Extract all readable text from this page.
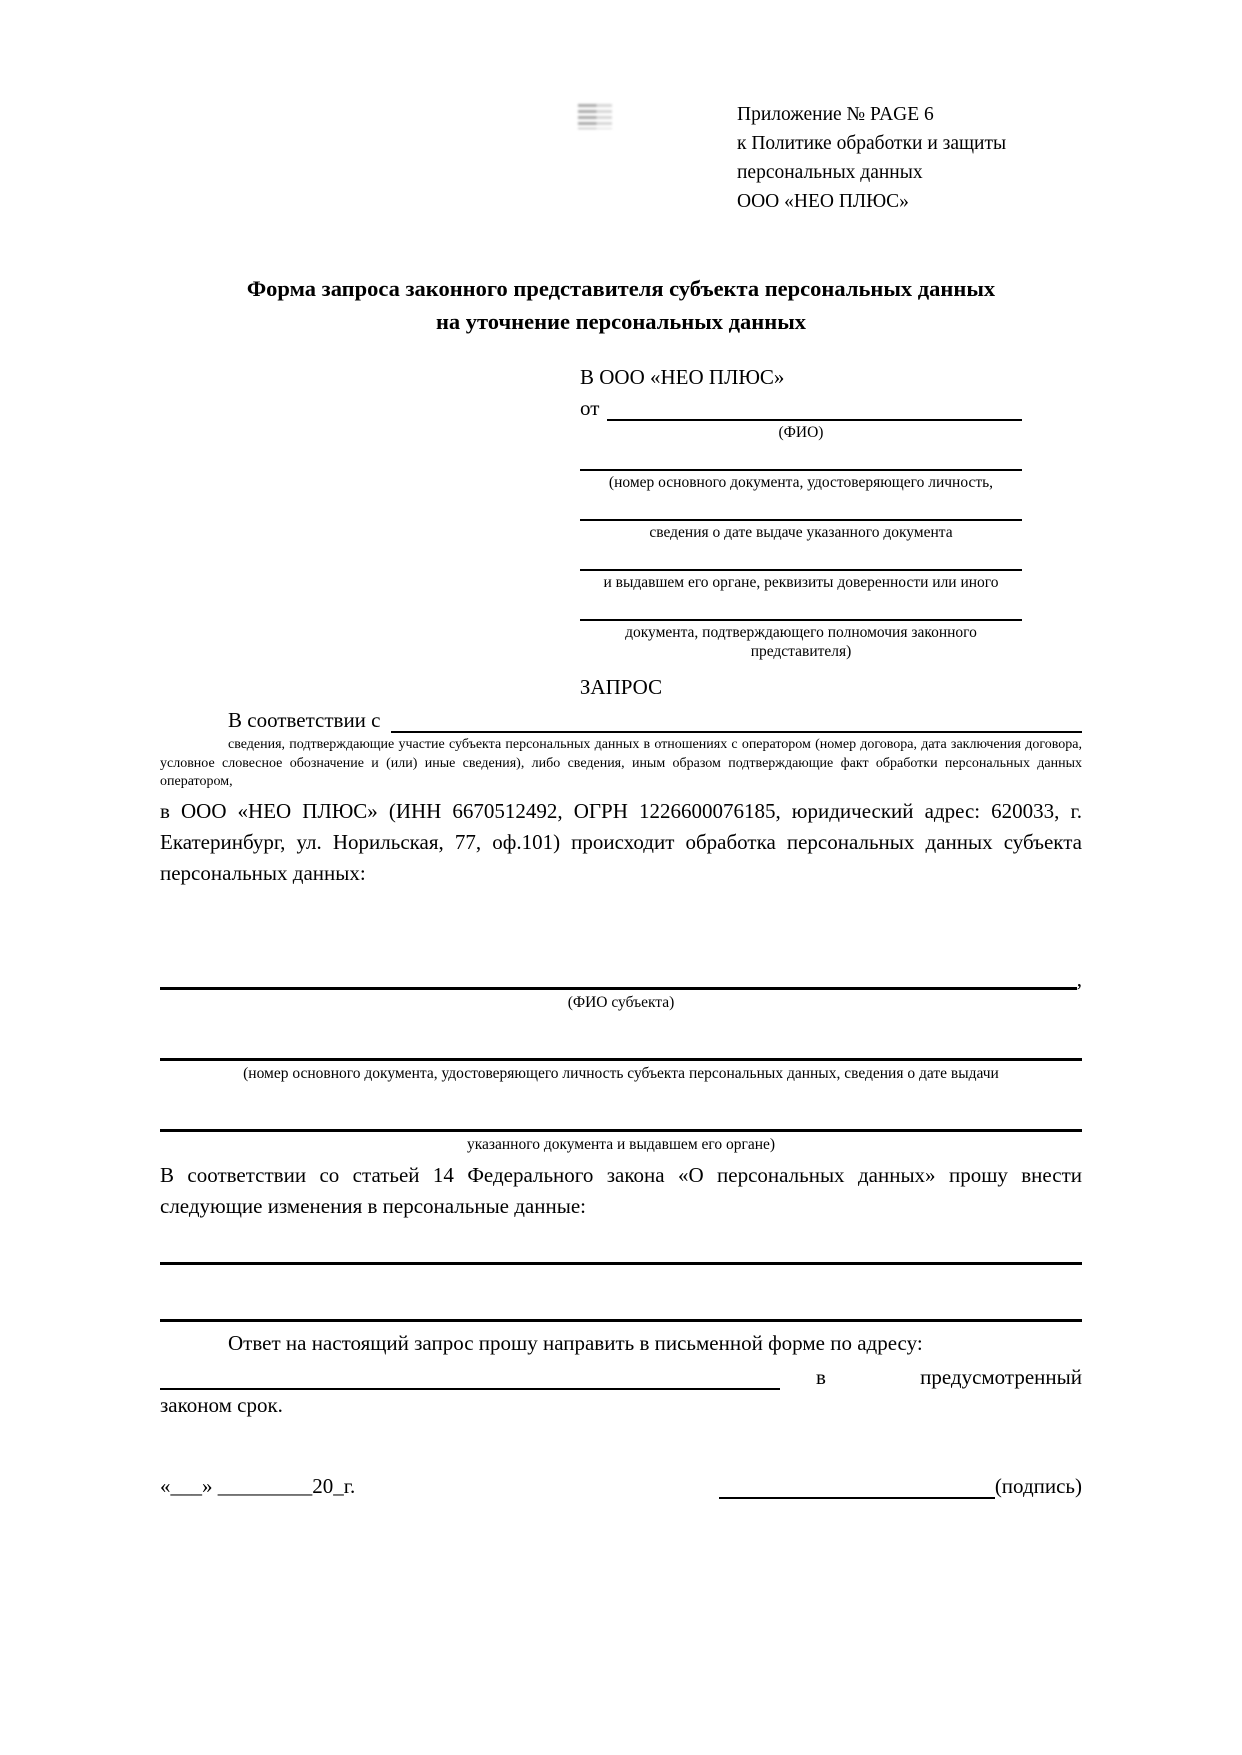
Приложение № PAGE 6
к Политике обработки и защиты
персональных данных
ООО «НЕО ПЛЮС»
Форма запроса законного представителя субъекта персональных данных
на уточнение персональных данных
В ООО «НЕО ПЛЮС»
от
(ФИО)
(номер основного документа, удостоверяющего личность,
сведения о дате выдаче указанного документа
и выдавшем его органе, реквизиты доверенности или иного
документа, подтверждающего полномочия законного представителя)
ЗАПРОС
В соответствии с

сведения, подтверждающие участие субъекта персональных данных в отношениях с оператором (номер договора, дата заключения договора, условное словесное обозначение и (или) иные сведения), либо сведения, иным образом подтверждающие факт обработки персональных данных оператором,

в ООО «НЕО ПЛЮС» (ИНН 6670512492, ОГРН 1226600076185, юридический адрес: 620033, г. Екатеринбург, ул. Норильская, 77, оф.101) происходит обработка персональных данных субъекта персональных данных:

,
(ФИО субъекта)
(номер основного документа, удостоверяющего личность субъекта персональных данных, сведения о дате выдачи
указанного документа и выдавшем его органе)

В соответствии со статьей 14 Федерального закона «О персональных данных» прошу внести следующие изменения в персональные данные:

Ответ на настоящий запрос прошу направить в письменной форме по адресу:

в	предусмотренный
законом срок.
«___» _________20_г.	(подпись)
